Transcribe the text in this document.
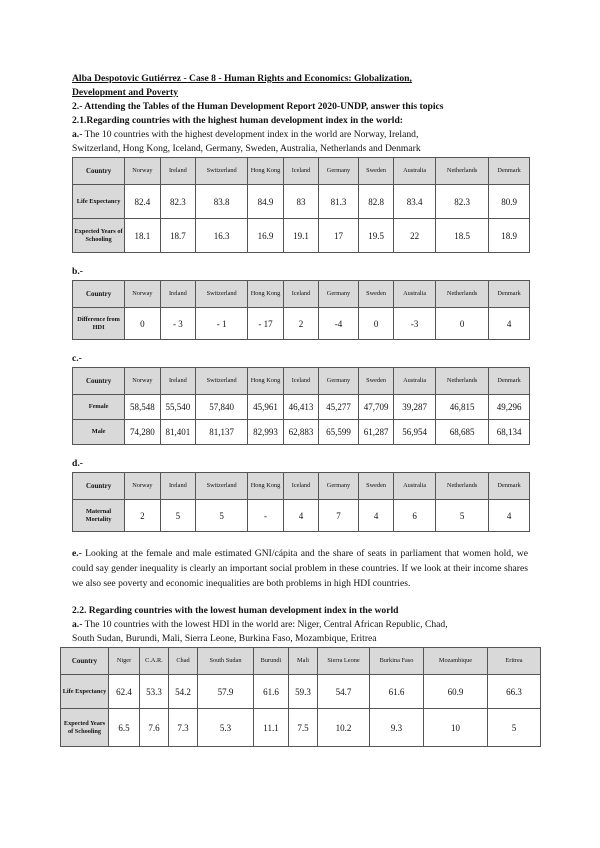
Alba Despotovic Gutiérrez - Case 8 - Human Rights and Economics: Globalization,

Development and Poverty

2.- Attending the Tables of the Human Development Report 2020-UNDP, answer this topics

2.1.Regarding countries with the highest human development index in the world:

a.- The 10 countries with the highest development index in the world are Norway, Ireland,
Switzerland, Hong Kong, Iceland, Germany, Sweden, Australia, Netherlands and Denmark

Country	Norway	Ireland	Switzerland	Hong Kong	Iceland	Germany	Sweden	Australia	Netherlands	Denmark
Life Expectancy	82.4	82.3	83.8	84.9	83	81.3	82.8	83.4	82.3	80.9
Expected Years of Schooling	18.1	18.7	16.3	16.9	19.1	17	19.5	22	18.5	18.9

b.-

Country	Norway	Ireland	Switzerland	Hong Kong	Iceland	Germany	Sweden	Australia	Netherlands	Denmark
Difference from HDI	0	- 3	- 1	- 17	2	-4	0	-3	0	4

c.-

Country	Norway	Ireland	Switzerland	Hong Kong	Iceland	Germany	Sweden	Australia	Netherlands	Denmark
Female	58,548	55,540	57,840	45,961	46,413	45,277	47,709	39,287	46,815	49,296
Male	74,280	81,401	81,137	82,993	62,883	65,599	61,287	56,954	68,685	68,134

d.-

Country	Norway	Ireland	Switzerland	Hong Kong	Iceland	Germany	Sweden	Australia	Netherlands	Denmark
Maternal Mortality	2	5	5	-	4	7	4	6	5	4

e.- Looking at the female and male estimated GNI/cápita and the share of seats in parliament that women hold, we could say gender inequality is clearly an important social problem in these countries. If we look at their income shares we also see poverty and economic inequalities are both problems in high HDI countries.

2.2. Regarding countries with the lowest human development index in the world

a.- The 10 countries with the lowest HDI in the world are: Niger, Central African Republic, Chad,
South Sudan, Burundi, Mali, Sierra Leone, Burkina Faso, Mozambique, Eritrea

Country	Niger	C.A.R.	Chad	South Sudan	Burundi	Mali	Sierra Leone	Burkina Faso	Mozambique	Eritrea
Life Expectancy	62.4	53.3	54.2	57.9	61.6	59.3	54.7	61.6	60.9	66.3
Expected Years of Schooling	6.5	7.6	7.3	5.3	11.1	7.5	10.2	9.3	10	5
